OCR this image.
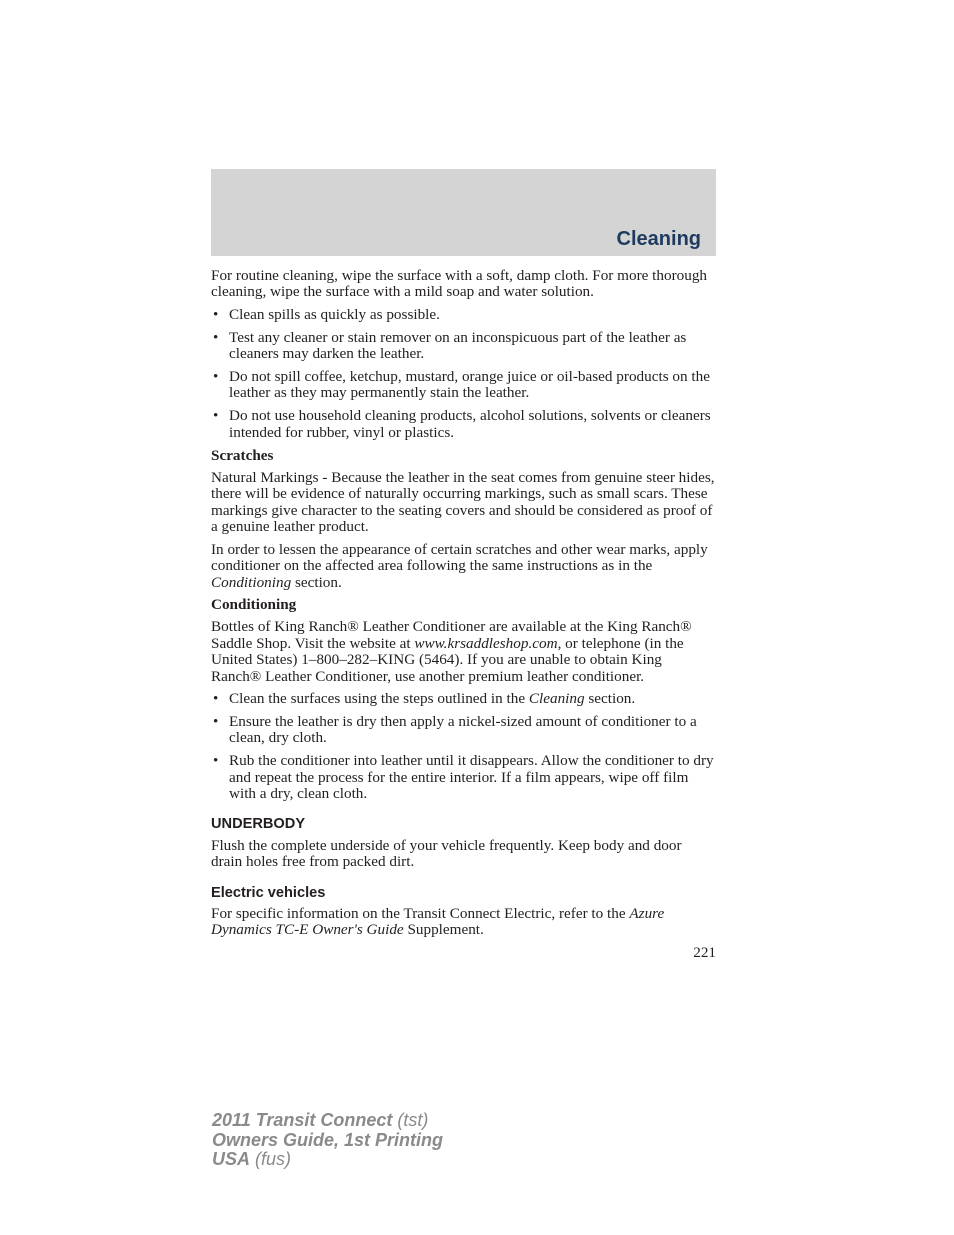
Cleaning

For routine cleaning, wipe the surface with a soft, damp cloth. For more thorough cleaning, wipe the surface with a mild soap and water solution.

• Clean spills as quickly as possible.
• Test any cleaner or stain remover on an inconspicuous part of the leather as cleaners may darken the leather.
• Do not spill coffee, ketchup, mustard, orange juice or oil-based products on the leather as they may permanently stain the leather.
• Do not use household cleaning products, alcohol solutions, solvents or cleaners intended for rubber, vinyl or plastics.
Scratches

Natural Markings - Because the leather in the seat comes from genuine steer hides, there will be evidence of naturally occurring markings, such as small scars. These markings give character to the seating covers and should be considered as proof of a genuine leather product.

In order to lessen the appearance of certain scratches and other wear marks, apply conditioner on the affected area following the same instructions as in the Conditioning section.

Conditioning

Bottles of King Ranch® Leather Conditioner are available at the King Ranch® Saddle Shop. Visit the website at www.krsaddleshop.com, or telephone (in the United States) 1–800–282–KING (5464). If you are unable to obtain King Ranch® Leather Conditioner, use another premium leather conditioner.

• Clean the surfaces using the steps outlined in the Cleaning section.
• Ensure the leather is dry then apply a nickel-sized amount of conditioner to a clean, dry cloth.
• Rub the conditioner into leather until it disappears. Allow the conditioner to dry and repeat the process for the entire interior. If a film appears, wipe off film with a dry, clean cloth.
UNDERBODY

Flush the complete underside of your vehicle frequently. Keep body and door drain holes free from packed dirt.

Electric vehicles

For specific information on the Transit Connect Electric, refer to the Azure Dynamics TC-E Owner's Guide Supplement.

221
2011 Transit Connect (tst)
Owners Guide, 1st Printing
USA (fus)
